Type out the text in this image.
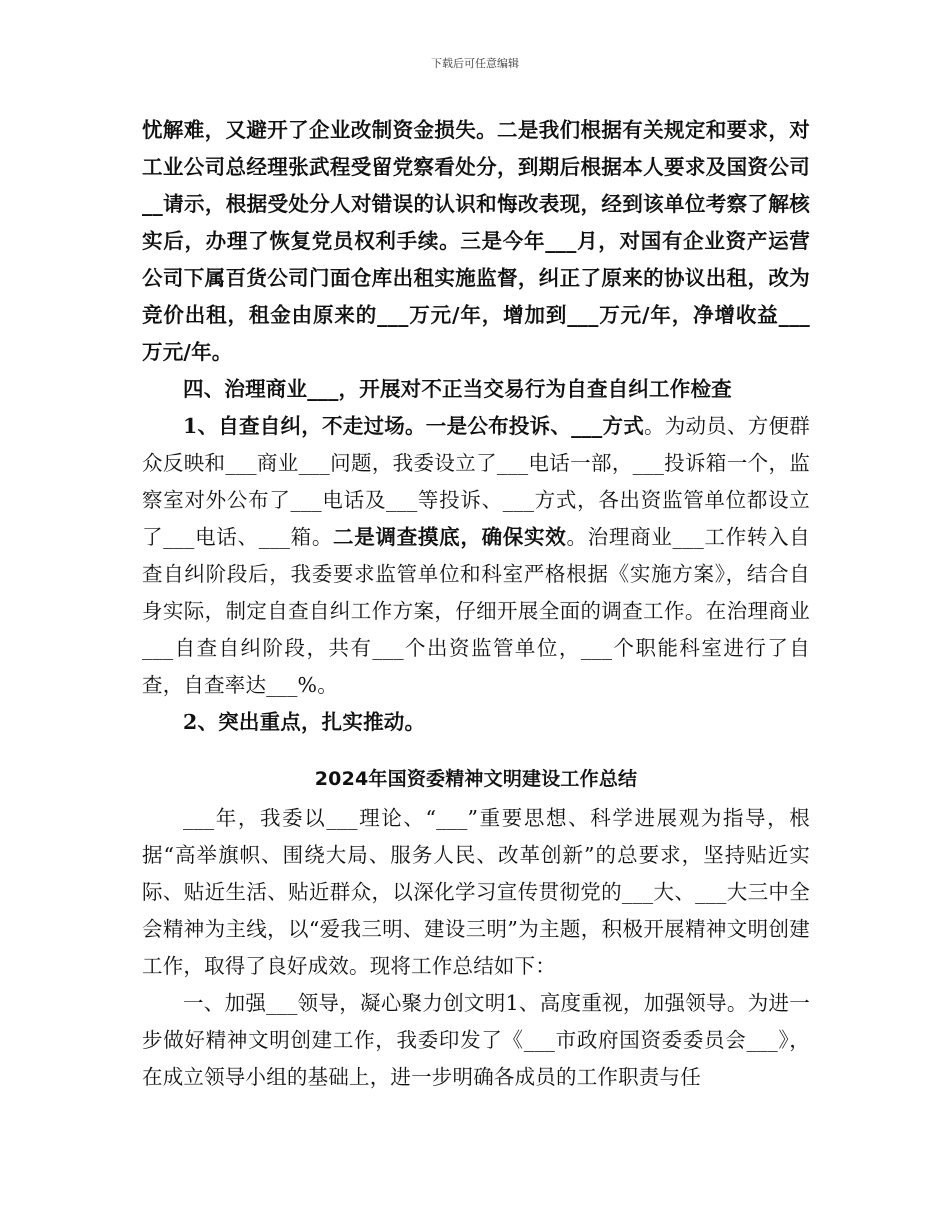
下载后可任意编辑

忧解难，又避开了企业改制资金损失。二是我们根据有关规定和要求，对工业公司总经理张武程受留党察看处分，到期后根据本人要求及国资公司__请示，根据受处分人对错误的认识和悔改表现，经到该单位考察了解核实后，办理了恢复党员权利手续。三是今年___月，对国有企业资产运营公司下属百货公司门面仓库出租实施监督，纠正了原来的协议出租，改为竞价出租，租金由原来的___万元/年，增加到___万元/年，净增收益___万元/年。

四、治理商业___，开展对不正当交易行为自查自纠工作检查

1、自查自纠，不走过场。一是公布投诉、___方式。为动员、方便群众反映和___商业___问题，我委设立了___电话一部，___投诉箱一个，监察室对外公布了___电话及___等投诉、___方式，各出资监管单位都设立了___电话、___箱。二是调查摸底，确保实效。治理商业___工作转入自查自纠阶段后，我委要求监管单位和科室严格根据《实施方案》，结合自身实际，制定自查自纠工作方案，仔细开展全面的调查工作。在治理商业___自查自纠阶段，共有___个出资监管单位，___个职能科室进行了自查，自查率达___%。

2、突出重点，扎实推动。

2024年国资委精神文明建设工作总结

___年，我委以___理论、“___”重要思想、科学进展观为指导，根据“高举旗帜、围绕大局、服务人民、改革创新”的总要求，坚持贴近实际、贴近生活、贴近群众，以深化学习宣传贯彻党的___大、___大三中全会精神为主线，以“爱我三明、建设三明”为主题，积极开展精神文明创建工作，取得了良好成效。现将工作总结如下：

一、加强___领导，凝心聚力创文明1、高度重视，加强领导。为进一步做好精神文明创建工作，我委印发了《___市政府国资委委员会___》，在成立领导小组的基础上，进一步明确各成员的工作职责与任
